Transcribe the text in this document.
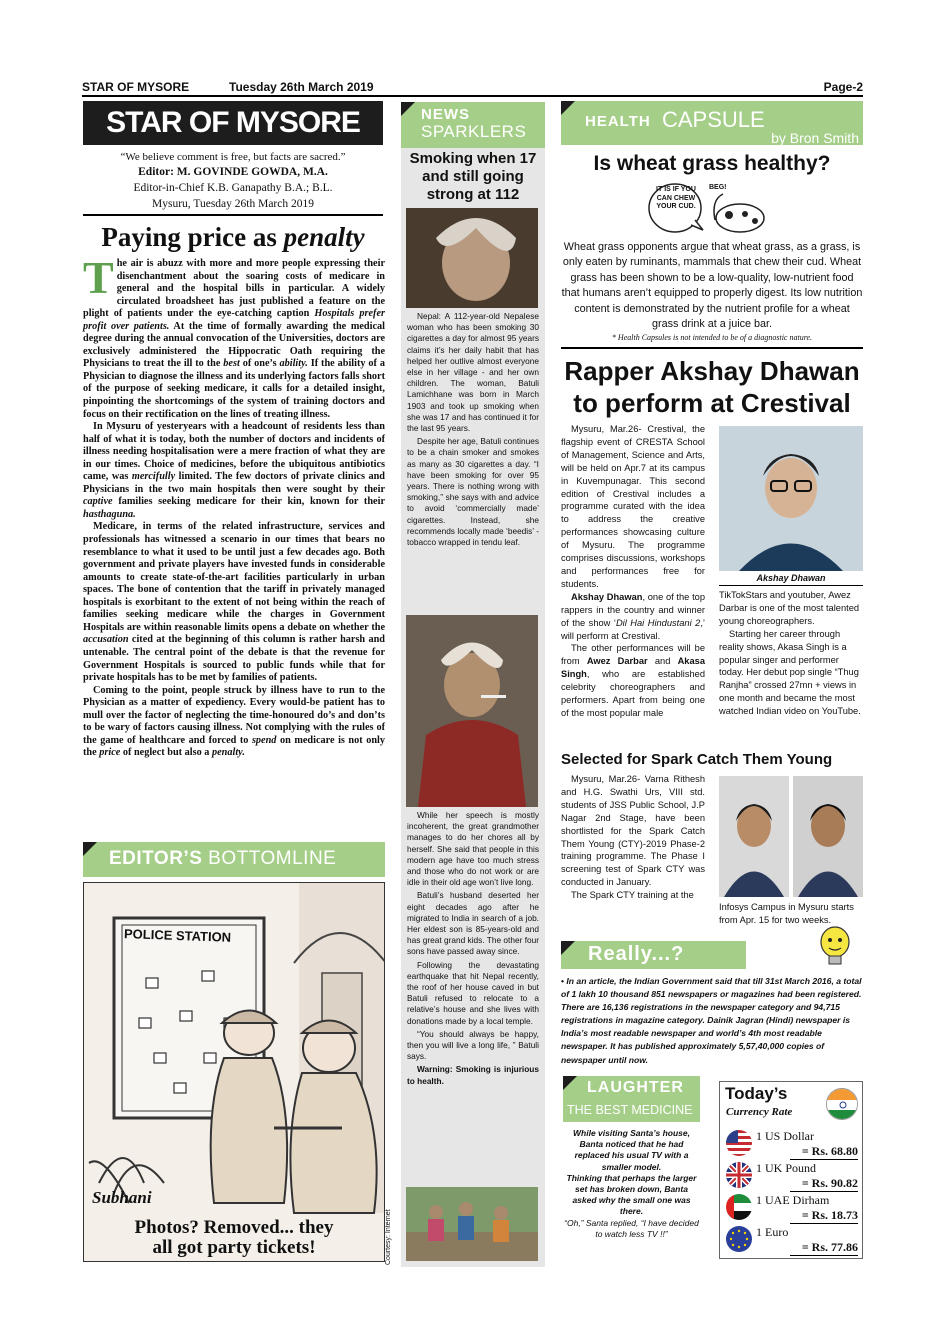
STAR OF MYSORE	Tuesday 26th March 2019	Page-2
STAR OF MYSORE
“We believe comment is free, but facts are sacred.”
Editor: M. GOVINDE GOWDA, M.A.
Editor-in-Chief K.B. Ganapathy B.A.; B.L.
Mysuru, Tuesday 26th March 2019
Paying price as penalty

The air is abuzz with more and more people expressing their disenchantment about the soaring costs of medicare in general and the hospital bills in particular. A widely circulated broadsheet has just published a feature on the plight of patients under the eye-catching caption Hospitals prefer profit over patients. At the time of formally awarding the medical degree during the annual convocation of the Universities, doctors are exclusively administered the Hippocratic Oath requiring the Physicians to treat the ill to the best of one’s ability. If the ability of a Physician to diagnose the illness and its underlying factors falls short of the purpose of seeking medicare, it calls for a detailed insight, pinpointing the shortcomings of the system of training doctors and focus on their rectification on the lines of treating illness.

In Mysuru of yesteryears with a headcount of residents less than half of what it is today, both the number of doctors and incidents of illness needing hospitalisation were a mere fraction of what they are in our times. Choice of medicines, before the ubiquitous antibiotics came, was mercifully limited. The few doctors of private clinics and Physicians in the two main hospitals then were sought by their captive families seeking medicare for their kin, known for their hasthaguna.

Medicare, in terms of the related infrastructure, services and professionals has witnessed a scenario in our times that bears no resemblance to what it used to be until just a few decades ago. Both government and private players have invested funds in considerable amounts to create state-of-the-art facilities particularly in urban spaces. The bone of contention that the tariff in privately managed hospitals is exorbitant to the extent of not being within the reach of families seeking medicare while the charges in Government Hospitals are within reasonable limits opens a debate on whether the accusation cited at the beginning of this column is rather harsh and untenable. The central point of the debate is that the revenue for Government Hospitals is sourced to public funds while that for private hospitals has to be met by families of patients.

Coming to the point, people struck by illness have to run to the Physician as a matter of expediency. Every would-be patient has to mull over the factor of neglecting the time-honoured do’s and don’ts to be wary of factors causing illness. Not complying with the rules of the game of healthcare and forced to spend on medicare is not only the price of neglect but also a penalty.

EDITOR’S BOTTOMLINE
POLICE STATION
Subhani
Photos? Removed... they
all got party tickets!	Courtesy: Internet
NEWS
SPARKLERS
Smoking when 17 and still going strong at 112

Nepal: A 112-year-old Nepalese woman who has been smoking 30 cigarettes a day for almost 95 years claims it’s her daily habit that has helped her outlive almost everyone else in her village - and her own children. The woman, Batuli Lamichhane was born in March 1903 and took up smoking when she was 17 and has continued it for the last 95 years.

Despite her age, Batuli continues to be a chain smoker and smokes as many as 30 cigarettes a day. “I have been smoking for over 95 years. There is nothing wrong with smoking,” she says with and advice to avoid ‘commercially made’ cigarettes. Instead, she recommends locally made ‘beedis’ - tobacco wrapped in tendu leaf.

While her speech is mostly incoherent, the great grandmother manages to do her chores all by herself. She said that people in this modern age have too much stress and those who do not work or are idle in their old age won’t live long.

Batuli’s husband deserted her eight decades ago after he migrated to India in search of a job. Her eldest son is 85-years-old and has great grand kids. The other four sons have passed away since.

Following the devastating earthquake that hit Nepal recently, the roof of her house caved in but Batuli refused to relocate to a relative’s house and she lives with donations made by a local temple.

“You should always be happy, then you will live a long life, ” Batuli says.

Warning: Smoking is injurious to health.

HEALTH CAPSULE
by Bron Smith
Is wheat grass healthy?
IT IS IF YOU CAN CHEW YOUR CUD.
BEG!
Wheat grass opponents argue that wheat grass, as a grass, is only eaten by ruminants, mammals that chew their cud. Wheat grass has been shown to be a low-quality, low-nutrient food that humans aren’t equipped to properly digest. Its low nutrition content is demonstrated by the nutrient profile for a wheat grass drink at a juice bar.
* Health Capsules is not intended to be of a diagnostic nature.
Rapper Akshay Dhawan
to perform at Crestival

Mysuru, Mar.26- Crestival, the flagship event of CRESTA School of Management, Science and Arts, will be held on Apr.7 at its campus in Kuvempunagar. This second edition of Crestival includes a programme curated with the idea to address the creative performances showcasing culture of Mysuru. The programme comprises discussions, workshops and performances free for students.

Akshay Dhawan, one of the top rappers in the country and winner of the show ‘Dil Hai Hindustani 2,’ will perform at Crestival.

The other performances will be from Awez Darbar and Akasa Singh, who are established celebrity choreographers and performers. Apart from being one of the most popular male

Akshay Dhawan

TikTokStars and youtuber, Awez Darbar is one of the most talented young choreographers.

Starting her career through reality shows, Akasa Singh is a popular singer and performer today. Her debut pop single “Thug Ranjha” crossed 27mn + views in one month and became the most watched Indian video on YouTube.

Selected for Spark Catch Them Young

Mysuru, Mar.26- Varna Rithesh and H.G. Swathi Urs, VIII std. students of JSS Public School, J.P Nagar 2nd Stage, have been shortlisted for the Spark Catch Them Young (CTY)-2019 Phase-2 training programme. The Phase I screening test of Spark CTY was conducted in January.

The Spark CTY training at the

Infosys Campus in Mysuru starts from Apr. 15 for two weeks.
Really...?
• In an article, the Indian Government said that till 31st March 2016, a total of 1 lakh 10 thousand 851 newspapers or magazines had been registered. There are 16,136 registrations in the newspaper category and 94,715 registrations in magazine category. Dainik Jagran (Hindi) newspaper is India’s most readable newspaper and world’s 4th most readable newspaper. It has published approximately 5,57,40,000 copies of newspaper until now.
LAUGHTER
THE BEST MEDICINE
While visiting Santa’s house, Banta noticed that he had replaced his usual TV with a smaller model.
Thinking that perhaps the larger set has broken down, Banta asked why the small one was there.
“Oh,” Santa replied, “I have decided to watch less TV !!”
Today’s
Currency Rate
1 US Dollar
= Rs. 68.80
1 UK Pound
= Rs. 90.82
1 UAE Dirham
= Rs. 18.73
1 Euro
= Rs. 77.86
